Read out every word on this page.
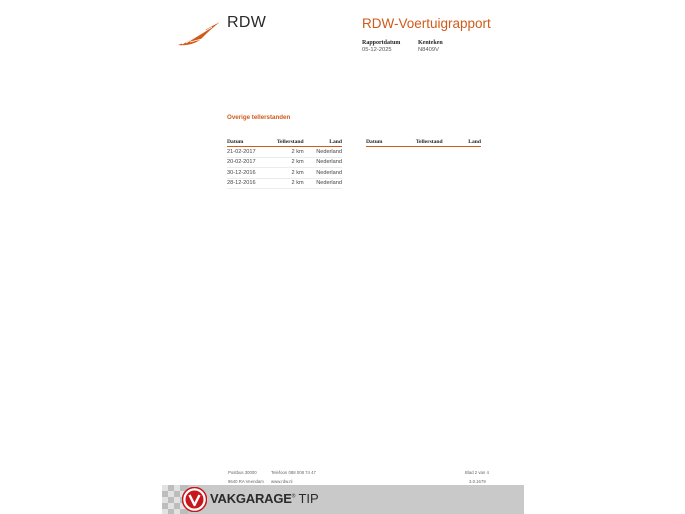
RDW	RDW-Voertuigrapport
Rapportdatum
05-12-2025
Kenteken
N8409V
Overige tellerstanden
Datum	Tellerstand	Land
21-02-2017	2 km	Nederland
20-02-2017	2 km	Nederland
30-12-2016	2 km	Nederland
28-12-2016	2 km	Nederland
Datum	Tellerstand	Land
Postbus 30000
9640 RA Veendam
Telefoon 088 008 74 47
www.rdw.nl
Blad 2 van 4
3.0.1679
VAKGARAGE® TIP
